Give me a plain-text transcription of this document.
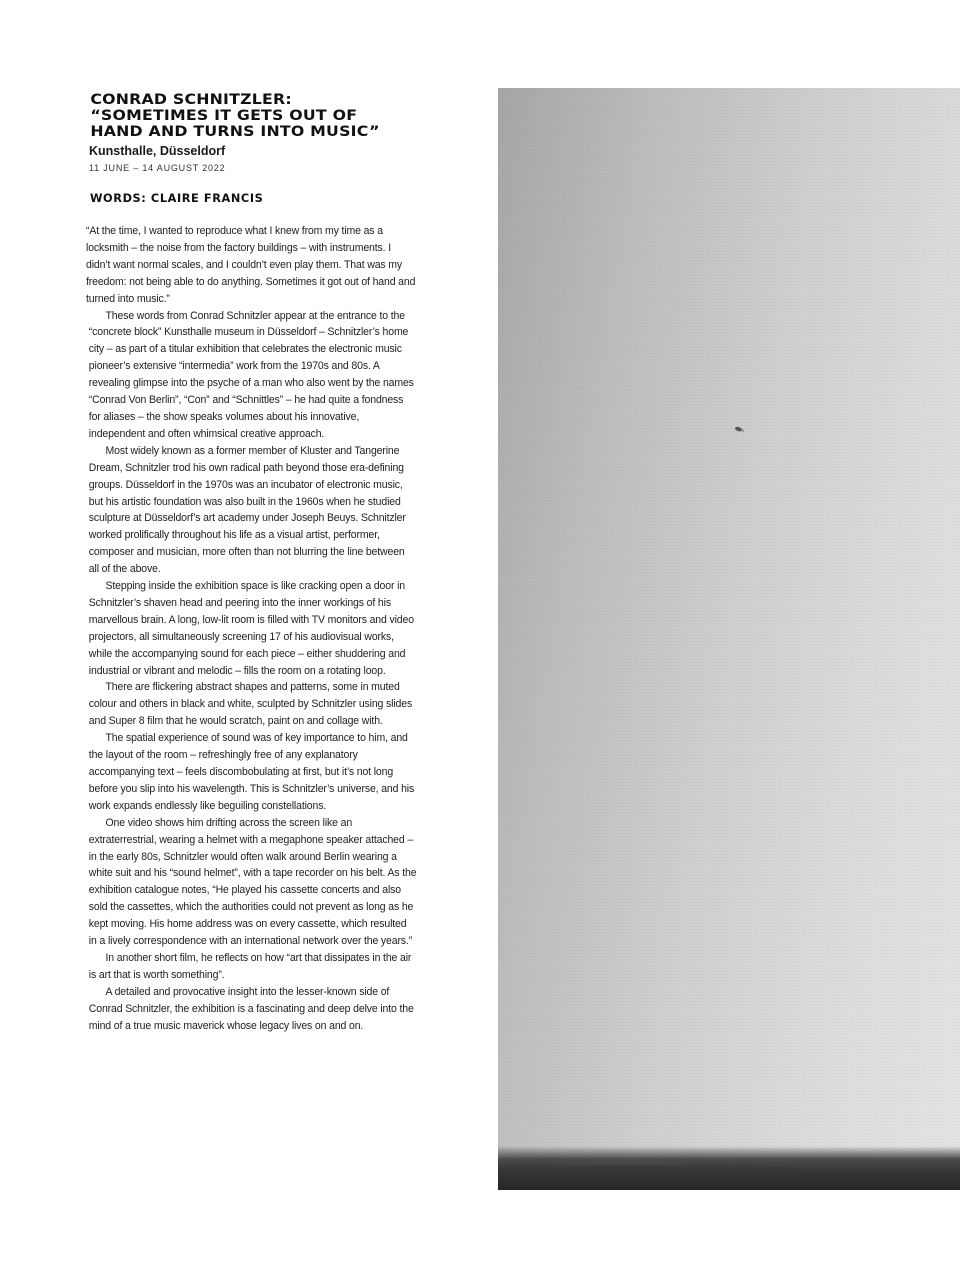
CONRAD SCHNITZLER:
“SOMETIMES IT GETS OUT OF
HAND AND TURNS INTO MUSIC”
Kunsthalle, Düsseldorf
11 JUNE – 14 AUGUST 2022
WORDS: CLAIRE FRANCIS

“At the time, I wanted to reproduce what I knew from my time as a locksmith – the noise from the factory buildings – with instruments. I didn’t want normal scales, and I couldn’t even play them. That was my freedom: not being able to do anything. Sometimes it got out of hand and turned into music.”

These words from Conrad Schnitzler appear at the entrance to the “concrete block” Kunsthalle museum in Düsseldorf – Schnitzler’s home city – as part of a titular exhibition that celebrates the electronic music pioneer’s extensive “intermedia” work from the 1970s and 80s. A revealing glimpse into the psyche of a man who also went by the names “Conrad Von Berlin”, “Con” and “Schnittles” – he had quite a fondness for aliases – the show speaks volumes about his innovative, independent and often whimsical creative approach.

Most widely known as a former member of Kluster and Tangerine Dream, Schnitzler trod his own radical path beyond those era-defining groups. Düsseldorf in the 1970s was an incubator of electronic music, but his artistic foundation was also built in the 1960s when he studied sculpture at Düsseldorf’s art academy under Joseph Beuys. Schnitzler worked prolifically throughout his life as a visual artist, performer, composer and musician, more often than not blurring the line between all of the above.

Stepping inside the exhibition space is like cracking open a door in Schnitzler’s shaven head and peering into the inner workings of his marvellous brain. A long, low-lit room is filled with TV monitors and video projectors, all simultaneously screening 17 of his audiovisual works, while the accompanying sound for each piece – either shuddering and industrial or vibrant and melodic – fills the room on a rotating loop.

There are flickering abstract shapes and patterns, some in muted colour and others in black and white, sculpted by Schnitzler using slides and Super 8 film that he would scratch, paint on and collage with.

The spatial experience of sound was of key importance to him, and the layout of the room – refreshingly free of any explanatory accompanying text – feels discombobulating at first, but it’s not long before you slip into his wavelength. This is Schnitzler’s universe, and his work expands endlessly like beguiling constellations.

One video shows him drifting across the screen like an extraterrestrial, wearing a helmet with a megaphone speaker attached – in the early 80s, Schnitzler would often walk around Berlin wearing a white suit and his “sound helmet”, with a tape recorder on his belt. As the exhibition catalogue notes, “He played his cassette concerts and also sold the cassettes, which the authorities could not prevent as long as he kept moving. His home address was on every cassette, which resulted in a lively correspondence with an international network over the years.”

In another short film, he reflects on how “art that dissipates in the air is art that is worth something”.

A detailed and provocative insight into the lesser-known side of Conrad Schnitzler, the exhibition is a fascinating and deep delve into the mind of a true music maverick whose legacy lives on and on.
